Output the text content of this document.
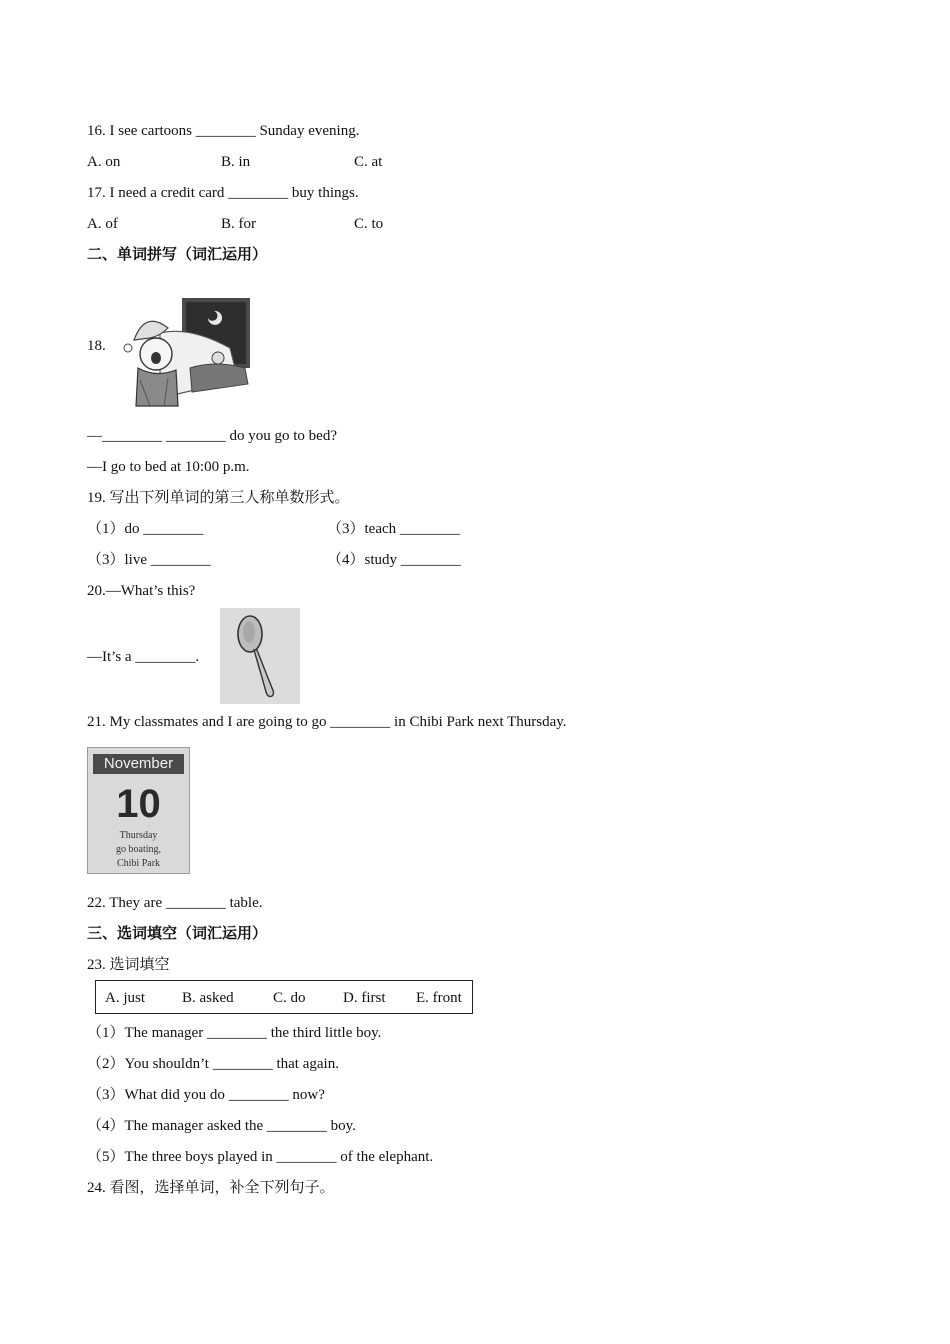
16. I see cartoons ________ Sunday evening.
A. on	B. in	C. at
17. I need a credit card ________ buy things.
A. of	B. for	C. to
二、单词拼写（词汇运用）
18.
—________ ________ do you go to bed?
—I go to bed at 10:00 p.m.
19. 写出下列单词的第三人称单数形式。
（1）do ________	（3）teach ________
（3）live ________	（4）study ________
20.—What’s this?
—It’s a ________.
21. My classmates and I are going to go ________ in Chibi Park next Thursday.
November
10
Thursday
go boating,
Chibi Park
22. They are ________ table.
三、选词填空（词汇运用）
23. 选词填空
A. just B. asked	C. do D. first E. front
（1）The manager ________ the third little boy.
（2）You shouldn’t ________ that again.
（3）What did you do ________ now?
（4）The manager asked the ________ boy.
（5）The three boys played in ________ of the elephant.
24. 看图，选择单词，补全下列句子。
